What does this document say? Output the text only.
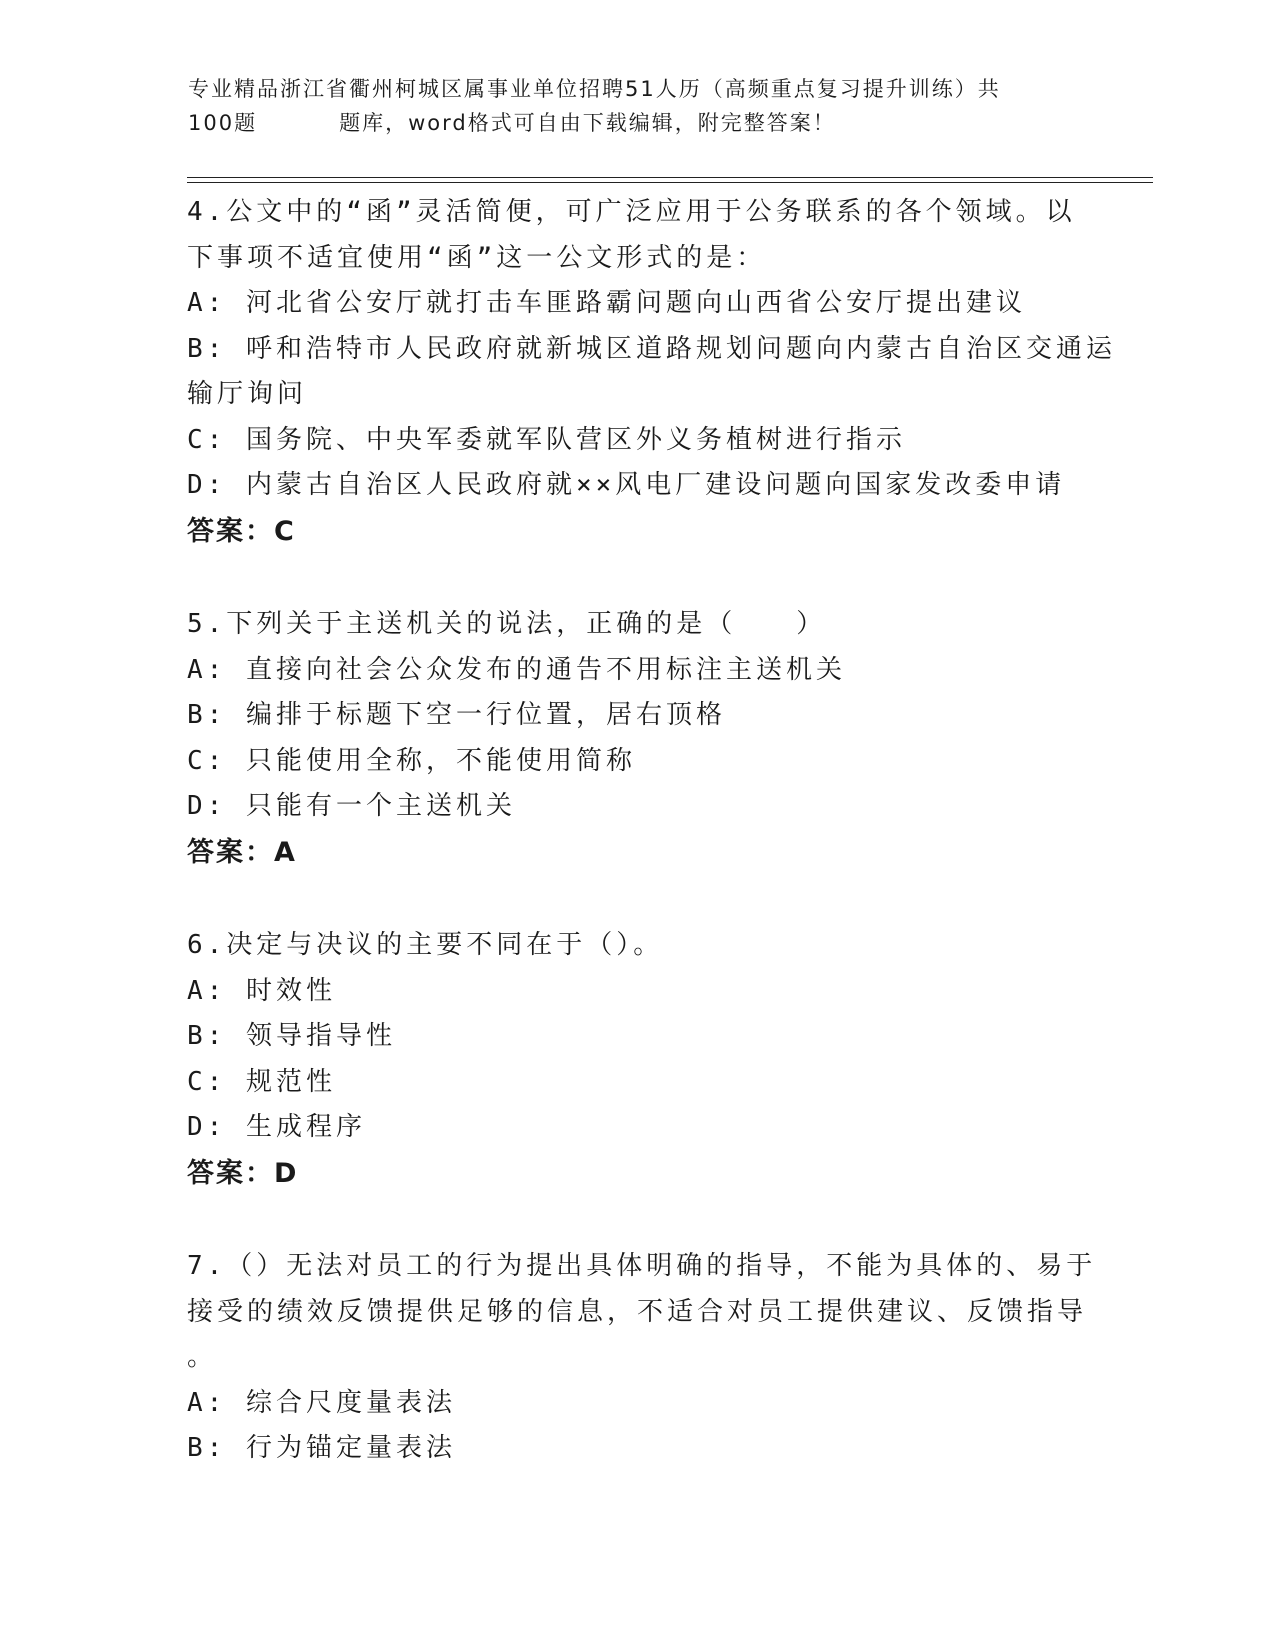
专业精品浙江省衢州柯城区属事业单位招聘51人历（高频重点复习提升训练）共
100题	题库，word格式可自由下载编辑，附完整答案！
4.公文中的“函”灵活简便，可广泛应用于公务联系的各个领域。以
下事项不适宜使用“函”这一公文形式的是：
A: 河北省公安厅就打击车匪路霸问题向山西省公安厅提出建议
B: 呼和浩特市人民政府就新城区道路规划问题向内蒙古自治区交通运
输厅询问
C: 国务院、中央军委就军队营区外义务植树进行指示
D: 内蒙古自治区人民政府就××风电厂建设问题向国家发改委申请
答案：C
5.下列关于主送机关的说法，正确的是（　　）
A: 直接向社会公众发布的通告不用标注主送机关
B: 编排于标题下空一行位置，居右顶格
C: 只能使用全称，不能使用简称
D: 只能有一个主送机关
答案：A
6.决定与决议的主要不同在于（）。
A: 时效性
B: 领导指导性
C: 规范性
D: 生成程序
答案：D
7.（）无法对员工的行为提出具体明确的指导，不能为具体的、易于
接受的绩效反馈提供足够的信息，不适合对员工提供建议、反馈指导
。
A: 综合尺度量表法
B: 行为锚定量表法
